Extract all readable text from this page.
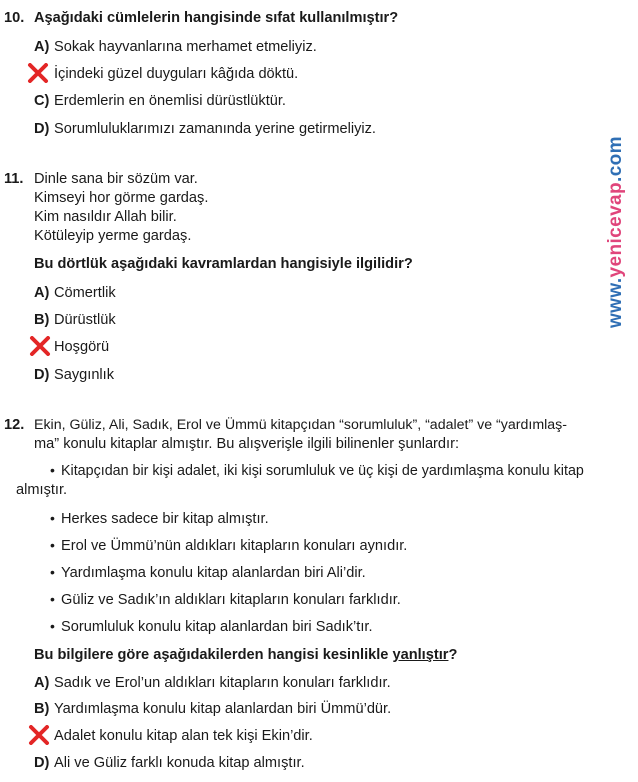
10. Aşağıdaki cümlelerin hangisinde sıfat kullanılmıştır?
A) Sokak hayvanlarına merhamet etmeliyiz.
İçindeki güzel duyguları kâğıda döktü.
C) Erdemlerin en önemlisi dürüstlüktür.
D) Sorumluluklarımızı zamanında yerine getirmeliyiz.
11. Dinle sana bir sözüm var.
Kimseyi hor görme gardaş.
Kim nasıldır Allah bilir.
Kötüleyip yerme gardaş.
Bu dörtlük aşağıdaki kavramlardan hangisiyle ilgilidir?
A) Cömertlik
B) Dürüstlük
Hoşgörü
D) Saygınlık
12. Ekin, Güliz, Ali, Sadık, Erol ve Ümmü kitapçıdan “sorumluluk”, “adalet” ve “yardımlaş-
ma” konulu kitaplar almıştır. Bu alışverişle ilgili bilinenler şunlardır:
• Kitapçıdan bir kişi adalet, iki kişi sorumluluk ve üç kişi de yardımlaşma konulu kitap
almıştır.
• Herkes sadece bir kitap almıştır.
• Erol ve Ümmü’nün aldıkları kitapların konuları aynıdır.
• Yardımlaşma konulu kitap alanlardan biri Ali’dir.
• Güliz ve Sadık’ın aldıkları kitapların konuları farklıdır.
• Sorumluluk konulu kitap alanlardan biri Sadık’tır.
Bu bilgilere göre aşağıdakilerden hangisi kesinlikle yanlıştır?
A) Sadık ve Erol’un aldıkları kitapların konuları farklıdır.
B) Yardımlaşma konulu kitap alanlardan biri Ümmü’dür.
Adalet konulu kitap alan tek kişi Ekin’dir.
D) Ali ve Güliz farklı konuda kitap almıştır.
www.yenicevap.com
